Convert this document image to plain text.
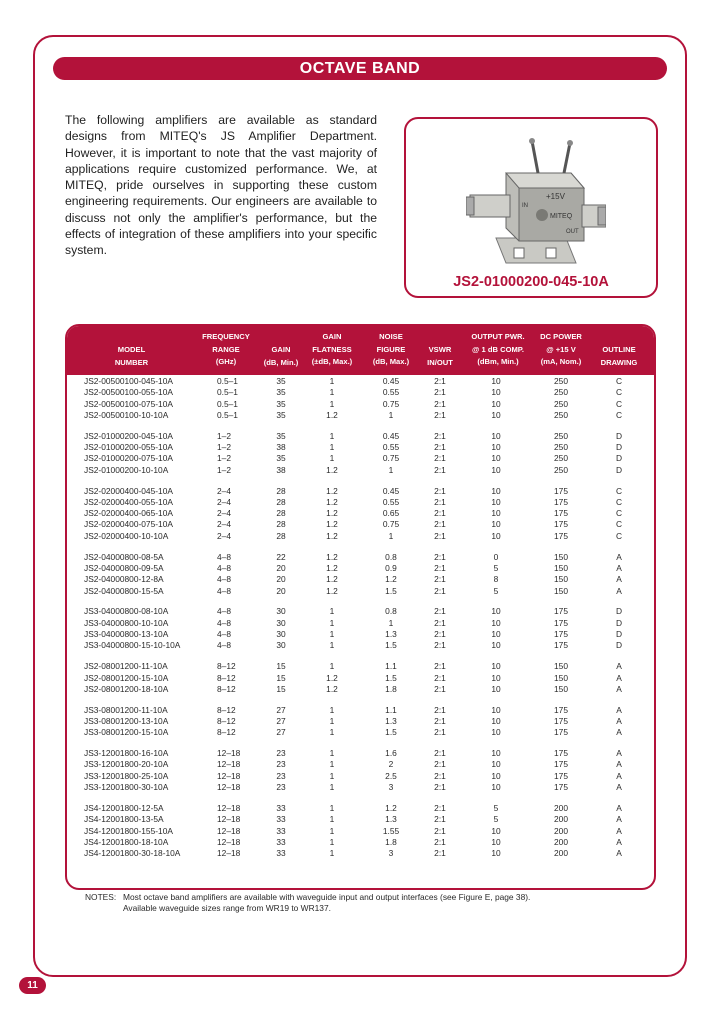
OCTAVE BAND
The following amplifiers are available as standard designs from MITEQ's JS Amplifier Department. However, it is important to note that the vast majority of applications require customized performance. We, at MITEQ, pride ourselves in supporting these custom engineering requirements. Our engineers are available to discuss not only the amplifier's performance, but the effects of integration of these amplifiers into your specific system.
MITEQ
+15V
IN
OUT
JS2-01000200-045-10A
MODEL
NUMBER
FREQUENCY
RANGE
(GHz)
GAIN
(dB, Min.)
GAIN
FLATNESS
(±dB, Max.)
NOISE
FIGURE
(dB, Max.)
VSWR
IN/OUT
OUTPUT PWR.
@ 1 dB COMP.
(dBm, Min.)
DC POWER
@ +15 V
(mA, Nom.)
OUTLINE
DRAWING
JS2-00500100-045-10A	0.5–1	35	1	0.45	2:1	10	250	C
JS2-00500100-055-10A	0.5–1	35	1	0.55	2:1	10	250	C
JS2-00500100-075-10A	0.5–1	35	1	0.75	2:1	10	250	C
JS2-00500100-10-10A	0.5–1	35	1.2	1	2:1	10	250	C
JS2-01000200-045-10A	1–2	35	1	0.45	2:1	10	250	D
JS2-01000200-055-10A	1–2	38	1	0.55	2:1	10	250	D
JS2-01000200-075-10A	1–2	35	1	0.75	2:1	10	250	D
JS2-01000200-10-10A	1–2	38	1.2	1	2:1	10	250	D
JS2-02000400-045-10A	2–4	28	1.2	0.45	2:1	10	175	C
JS2-02000400-055-10A	2–4	28	1.2	0.55	2:1	10	175	C
JS2-02000400-065-10A	2–4	28	1.2	0.65	2:1	10	175	C
JS2-02000400-075-10A	2–4	28	1.2	0.75	2:1	10	175	C
JS2-02000400-10-10A	2–4	28	1.2	1	2:1	10	175	C
JS2-04000800-08-5A	4–8	22	1.2	0.8	2:1	0	150	A
JS2-04000800-09-5A	4–8	20	1.2	0.9	2:1	5	150	A
JS2-04000800-12-8A	4–8	20	1.2	1.2	2:1	8	150	A
JS2-04000800-15-5A	4–8	20	1.2	1.5	2:1	5	150	A
JS3-04000800-08-10A	4–8	30	1	0.8	2:1	10	175	D
JS3-04000800-10-10A	4–8	30	1	1	2:1	10	175	D
JS3-04000800-13-10A	4–8	30	1	1.3	2:1	10	175	D
JS3-04000800-15-10-10A	4–8	30	1	1.5	2:1	10	175	D
JS2-08001200-11-10A	8–12	15	1	1.1	2:1	10	150	A
JS2-08001200-15-10A	8–12	15	1.2	1.5	2:1	10	150	A
JS2-08001200-18-10A	8–12	15	1.2	1.8	2:1	10	150	A
JS3-08001200-11-10A	8–12	27	1	1.1	2:1	10	175	A
JS3-08001200-13-10A	8–12	27	1	1.3	2:1	10	175	A
JS3-08001200-15-10A	8–12	27	1	1.5	2:1	10	175	A
JS3-12001800-16-10A	12–18	23	1	1.6	2:1	10	175	A
JS3-12001800-20-10A	12–18	23	1	2	2:1	10	175	A
JS3-12001800-25-10A	12–18	23	1	2.5	2:1	10	175	A
JS3-12001800-30-10A	12–18	23	1	3	2:1	10	175	A
JS4-12001800-12-5A	12–18	33	1	1.2	2:1	5	200	A
JS4-12001800-13-5A	12–18	33	1	1.3	2:1	5	200	A
JS4-12001800-155-10A	12–18	33	1	1.55	2:1	10	200	A
JS4-12001800-18-10A	12–18	33	1	1.8	2:1	10	200	A
JS4-12001800-30-18-10A	12–18	33	1	3	2:1	10	200	A
NOTES: Most octave band amplifiers are available with waveguide input and output interfaces (see Figure E, page 38).
Available waveguide sizes range from WR19 to WR137.
11
